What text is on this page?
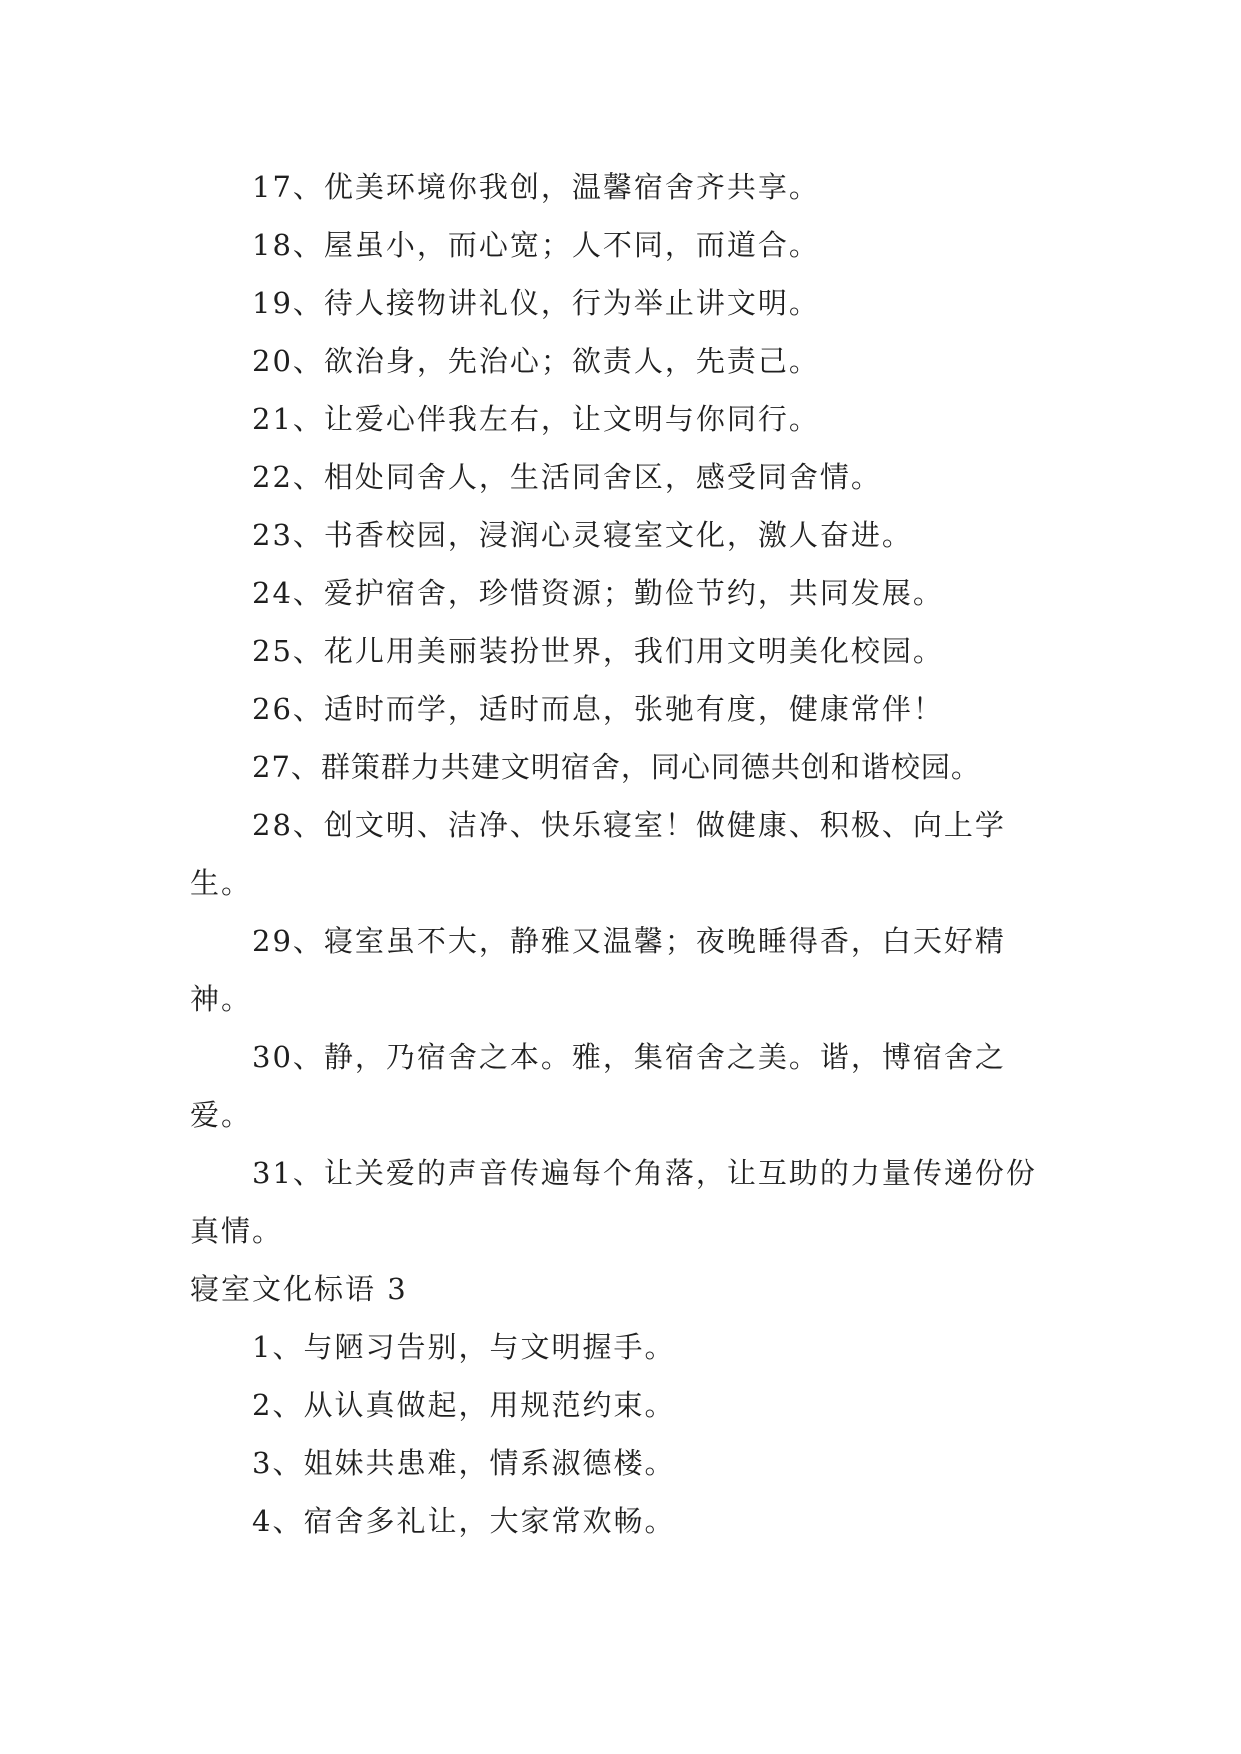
17、优美环境你我创，温馨宿舍齐共享。

18、屋虽小，而心宽；人不同，而道合。

19、待人接物讲礼仪，行为举止讲文明。

20、欲治身，先治心；欲责人，先责己。

21、让爱心伴我左右，让文明与你同行。

22、相处同舍人，生活同舍区，感受同舍情。

23、书香校园，浸润心灵寝室文化，激人奋进。

24、爱护宿舍，珍惜资源；勤俭节约，共同发展。

25、花儿用美丽装扮世界，我们用文明美化校园。

26、适时而学，适时而息，张驰有度，健康常伴！

27、群策群力共建文明宿舍，同心同德共创和谐校园。

28、创文明、洁净、快乐寝室！做健康、积极、向上学生。

29、寝室虽不大，静雅又温馨；夜晚睡得香，白天好精神。

30、静，乃宿舍之本。雅，集宿舍之美。谐，博宿舍之爱。

31、让关爱的声音传遍每个角落，让互助的力量传递份份真情。

寝室文化标语 3

1、与陋习告别，与文明握手。

2、从认真做起，用规范约束。

3、姐妹共患难，情系淑德楼。

4、宿舍多礼让，大家常欢畅。
